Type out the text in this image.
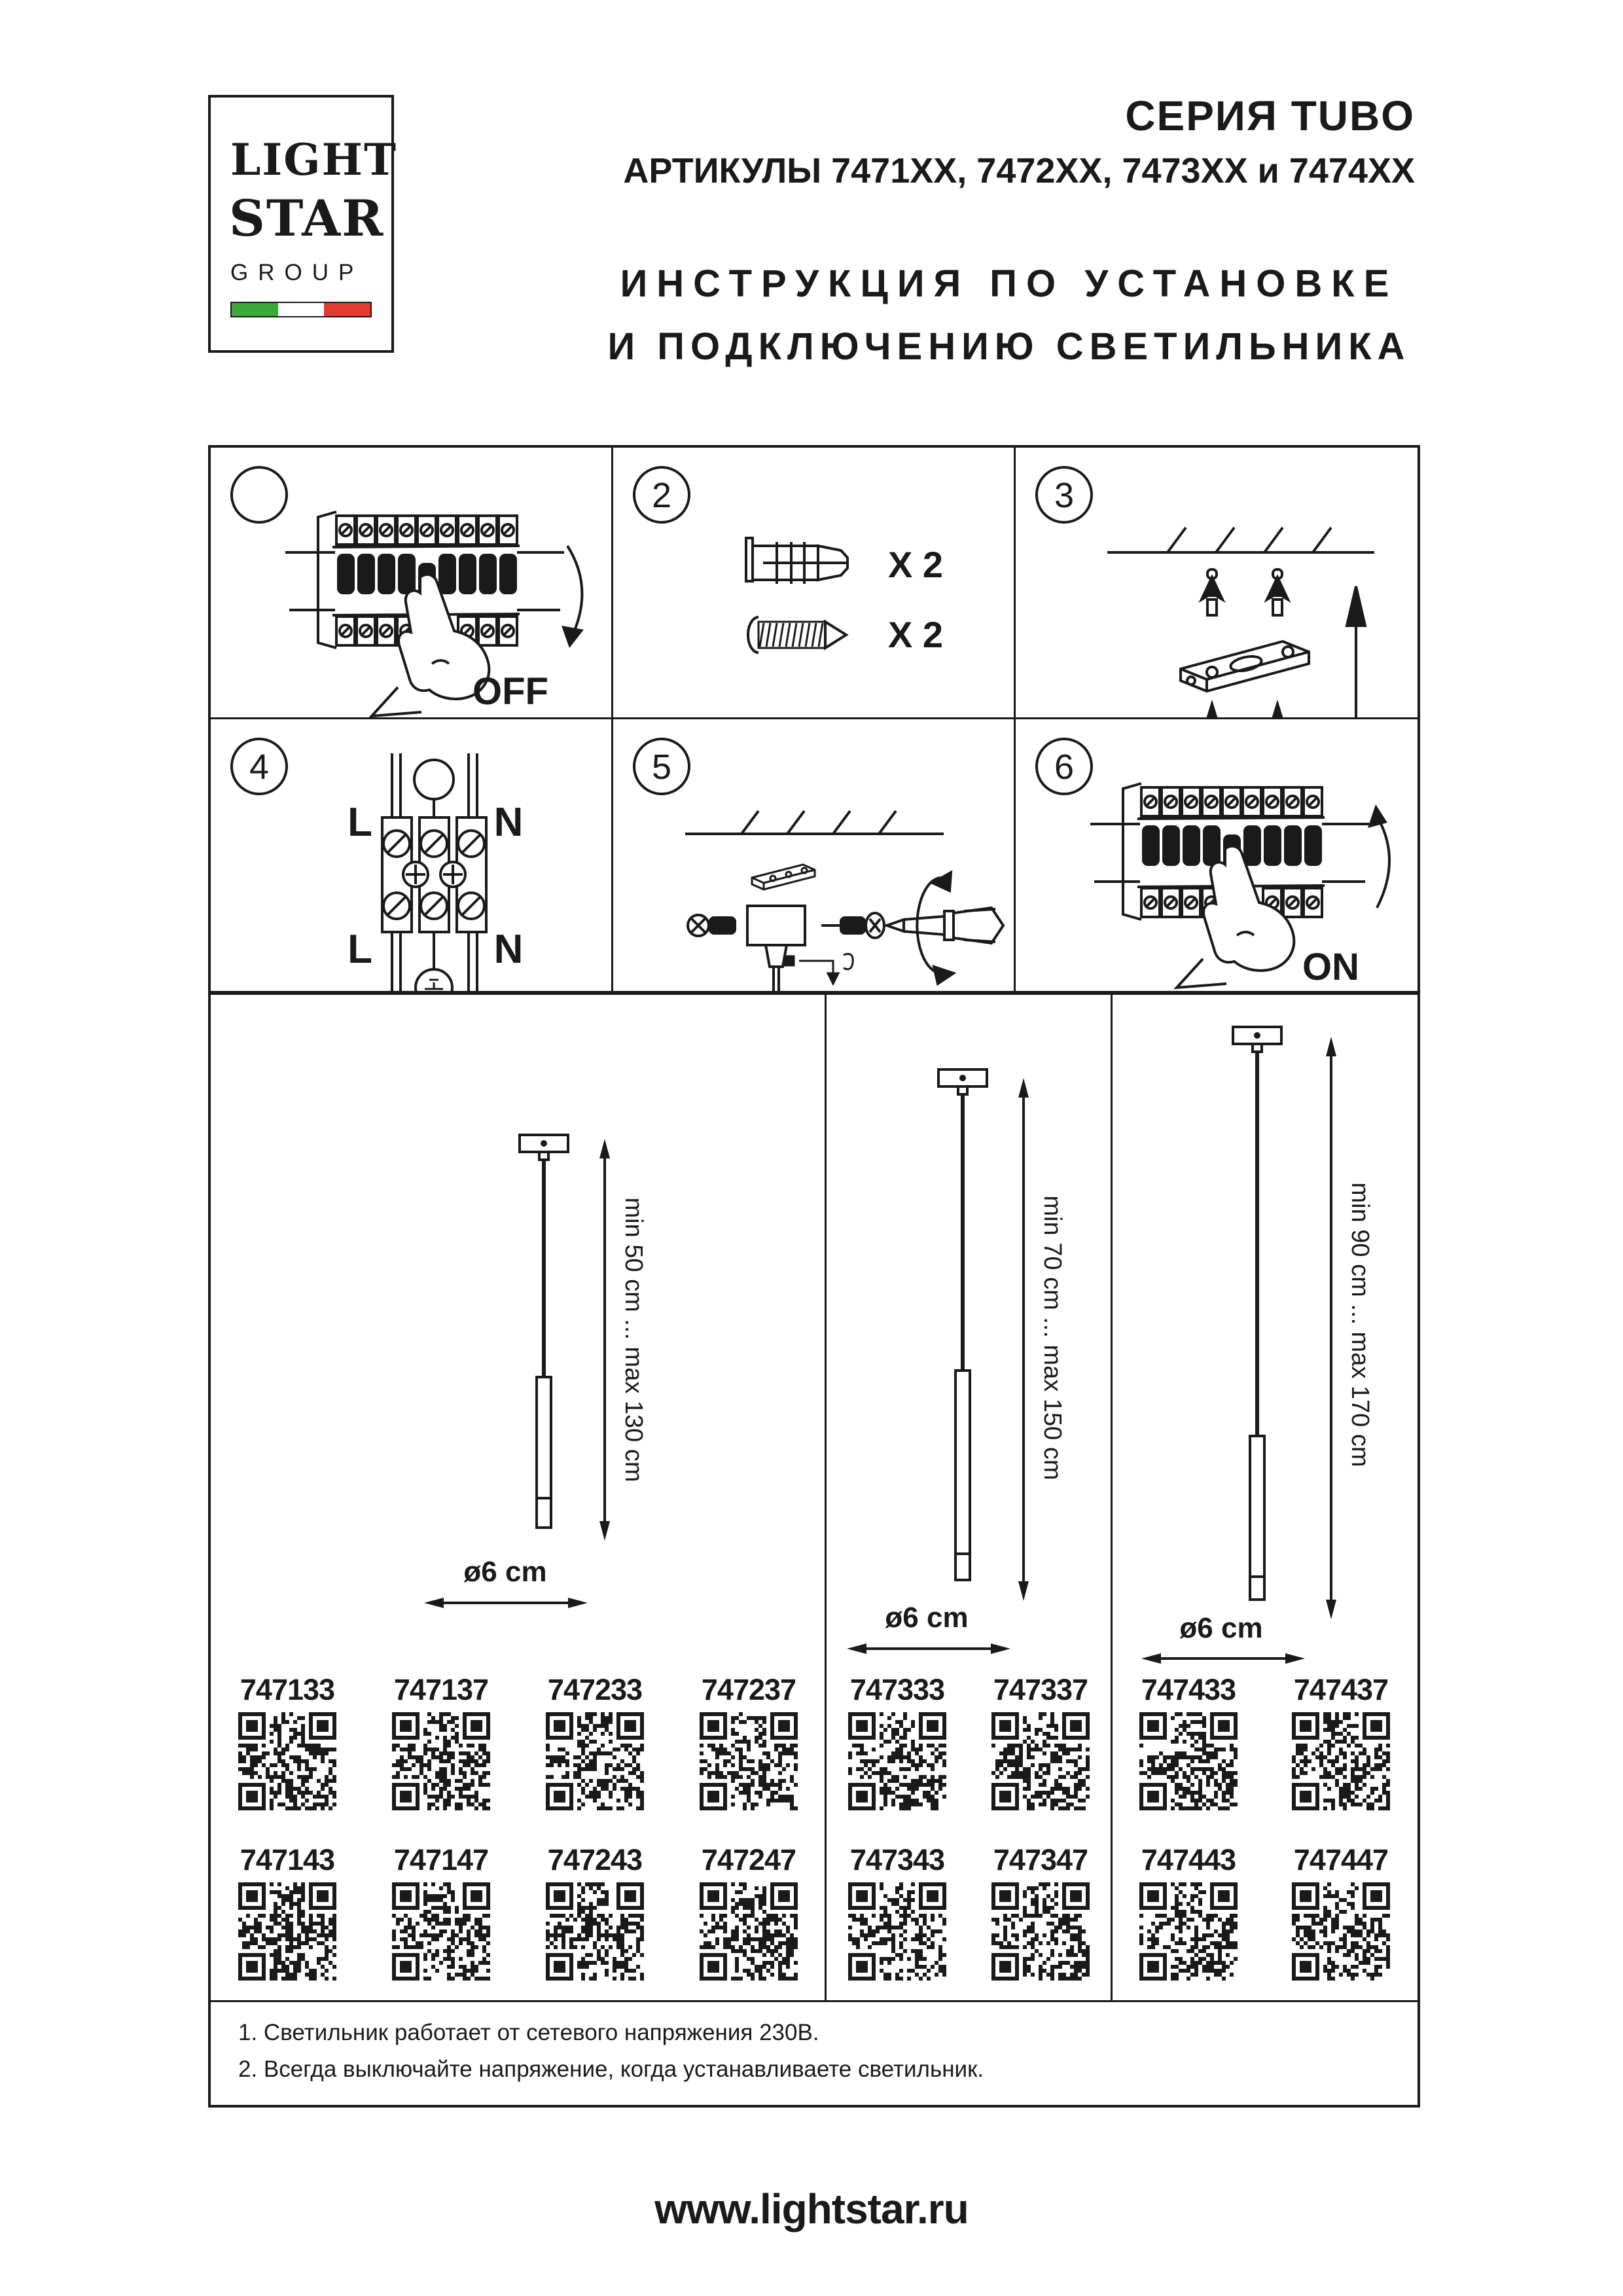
LIGHT
STAR
GROUP
СЕРИЯ TUBO
АРТИКУЛЫ 7471XX, 7472XX, 7473XX и 7474XX
ИНСТРУКЦИЯ ПО УСТАНОВКЕ
И ПОДКЛЮЧЕНИЮ СВЕТИЛЬНИКА
OFF
X 2
X 2
2	3
L	N
L	N
4	5
ON
6
min 50 cm ... max 130 cm
ø6 cm
min 70 cm ... max 150 cm
ø6 cm
min 90 cm ... max 170 cm
ø6 cm
747133	747137	747233	747237	747333	747337	747433	747437
747143	747147	747243	747247	747343	747347	747443	747447
1. Светильник работает от сетевого напряжения 230В.
2. Всегда выключайте напряжение, когда устанавливаете светильник.
www.lightstar.ru
